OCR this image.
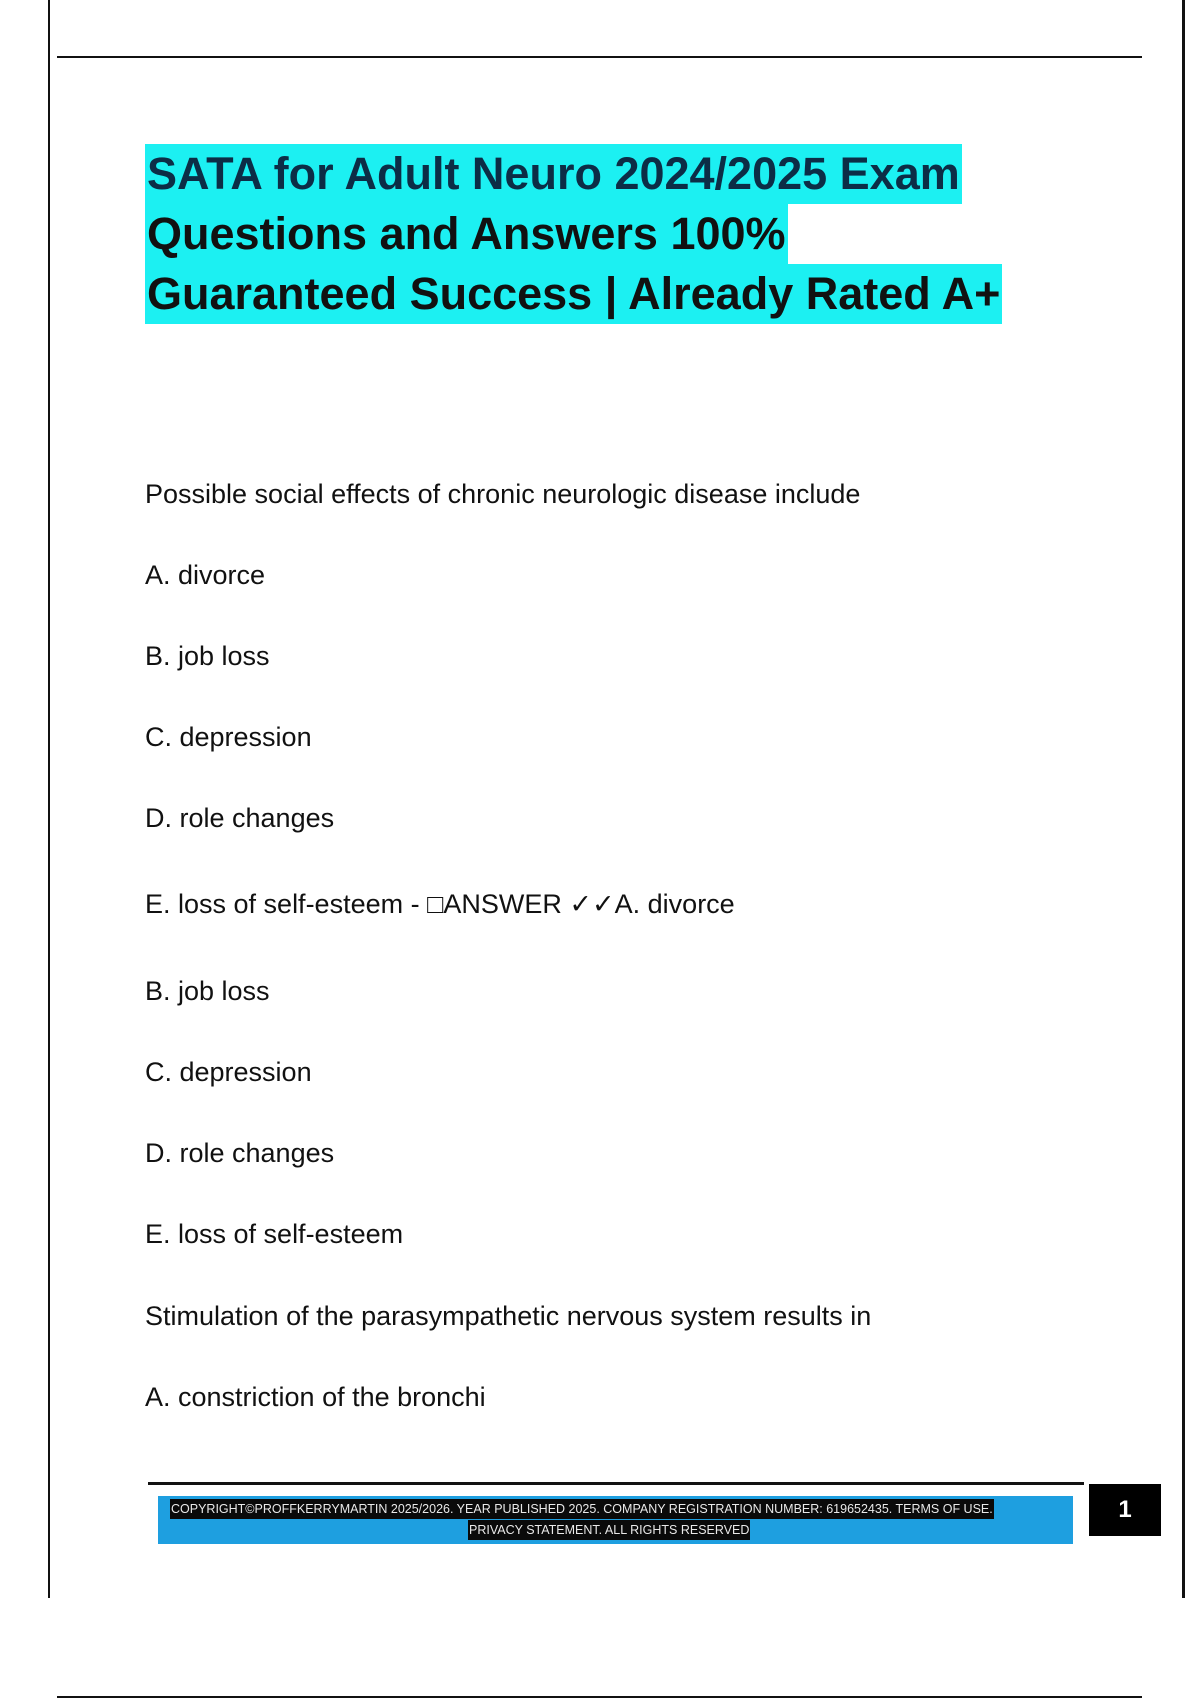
SATA for Adult Neuro 2024/2025 Exam
Questions and Answers 100%
Guaranteed Success | Already Rated A+

Possible social effects of chronic neurologic disease include

A. divorce

B. job loss

C. depression

D. role changes

E. loss of self-esteem - □ANSWER ✓✓A. divorce

B. job loss

C. depression

D. role changes

E. loss of self-esteem

Stimulation of the parasympathetic nervous system results in

A. constriction of the bronchi

COPYRIGHT©PROFFKERRYMARTIN 2025/2026. YEAR PUBLISHED 2025. COMPANY REGISTRATION NUMBER: 619652435. TERMS OF USE.
PRIVACY STATEMENT. ALL RIGHTS RESERVED
1
